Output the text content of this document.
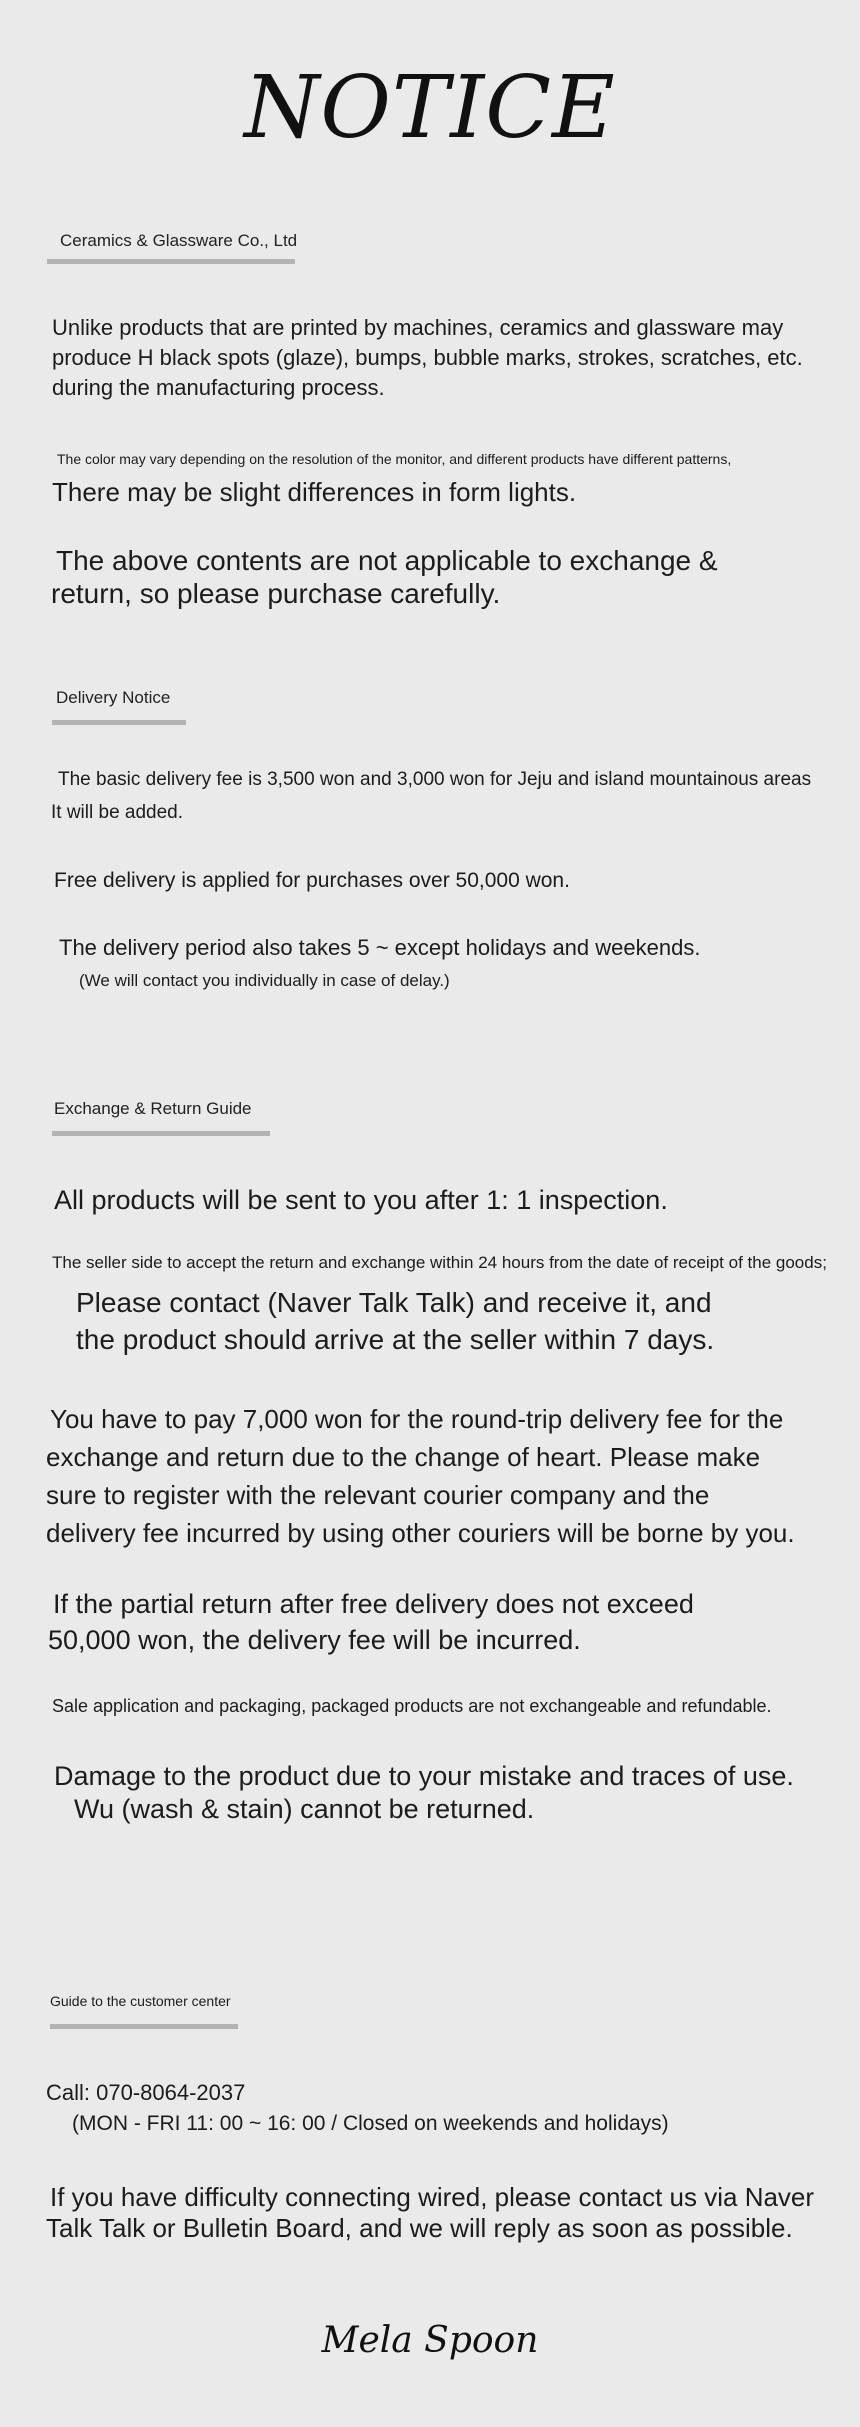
NOTICE
Ceramics & Glassware Co., Ltd
Unlike products that are printed by machines, ceramics and glassware may produce H black spots (glaze), bumps, bubble marks, strokes, scratches, etc. during the manufacturing process.
The color may vary depending on the resolution of the monitor, and different products have different patterns,
There may be slight differences in form lights.
The above contents are not applicable to exchange &
return, so please purchase carefully.
Delivery Notice
The basic delivery fee is 3,500 won and 3,000 won for Jeju and island mountainous areas
It will be added.
Free delivery is applied for purchases over 50,000 won.
The delivery period also takes 5 ~ except holidays and weekends.
(We will contact you individually in case of delay.)
Exchange & Return Guide
All products will be sent to you after 1: 1 inspection.
The seller side to accept the return and exchange within 24 hours from the date of receipt of the goods;
Please contact (Naver Talk Talk) and receive it, and
the product should arrive at the seller within 7 days.
You have to pay 7,000 won for the round-trip delivery fee for the
exchange and return due to the change of heart. Please make
sure to register with the relevant courier company and the
delivery fee incurred by using other couriers will be borne by you.
If the partial return after free delivery does not exceed
50,000 won, the delivery fee will be incurred.
Sale application and packaging, packaged products are not exchangeable and refundable.
Damage to the product due to your mistake and traces of use.
Wu (wash & stain) cannot be returned.
Guide to the customer center
Call: 070-8064-2037
(MON - FRI 11: 00 ~ 16: 00 / Closed on weekends and holidays)
If you have difficulty connecting wired, please contact us via Naver
Talk Talk or Bulletin Board, and we will reply as soon as possible.
Mela Spoon
